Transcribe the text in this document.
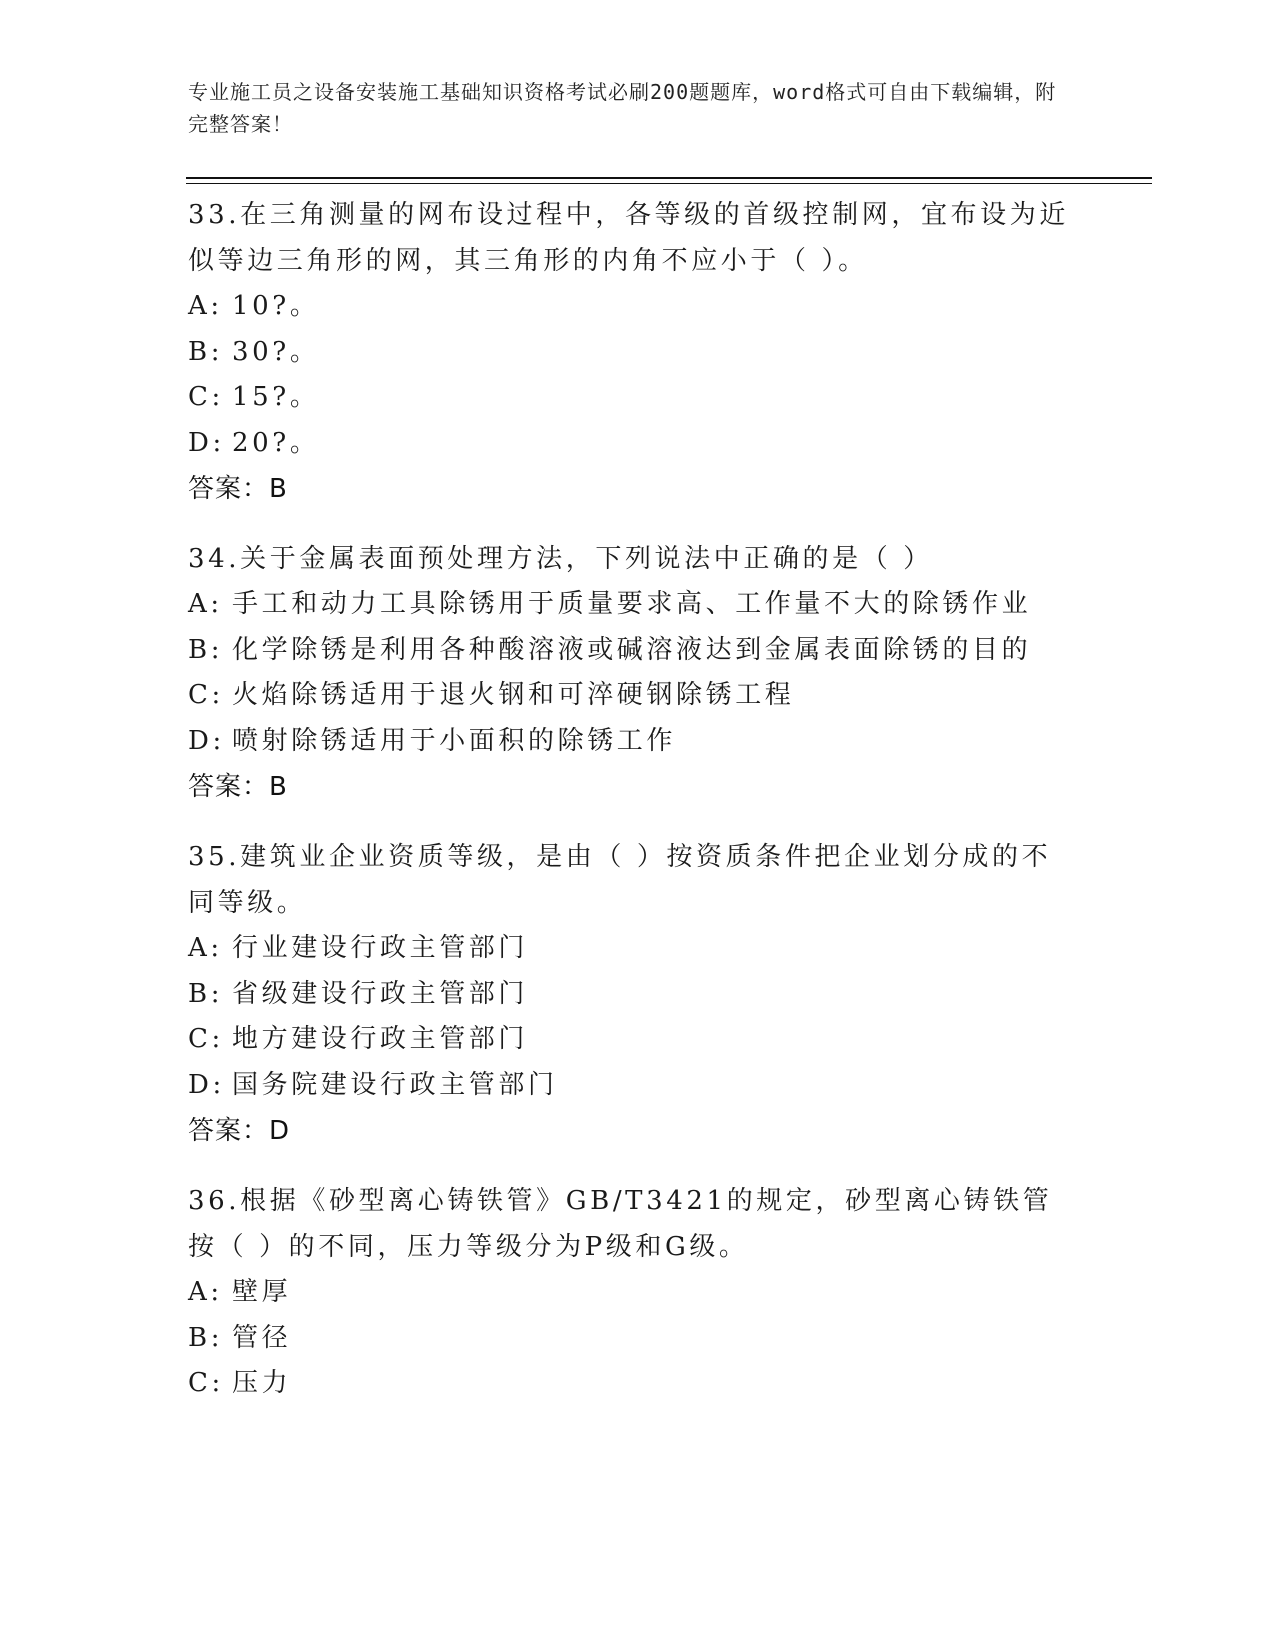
专业施工员之设备安装施工基础知识资格考试必刷200题题库，word格式可自由下载编辑，附完整答案！

33.在三角测量的网布设过程中，各等级的首级控制网，宜布设为近似等边三角形的网，其三角形的内角不应小于（ ）。

A: 10?。
B: 30?。
C: 15?。
D: 20?。
答案：B

34.关于金属表面预处理方法，下列说法中正确的是（ ）

A: 手工和动力工具除锈用于质量要求高、工作量不大的除锈作业
B: 化学除锈是利用各种酸溶液或碱溶液达到金属表面除锈的目的
C: 火焰除锈适用于退火钢和可淬硬钢除锈工程
D: 喷射除锈适用于小面积的除锈工作
答案：B

35.建筑业企业资质等级，是由（ ）按资质条件把企业划分成的不同等级。

A: 行业建设行政主管部门
B: 省级建设行政主管部门
C: 地方建设行政主管部门
D: 国务院建设行政主管部门
答案：D

36.根据《砂型离心铸铁管》GB/T3421的规定，砂型离心铸铁管按（ ）的不同，压力等级分为P级和G级。

A: 壁厚
B: 管径
C: 压力
